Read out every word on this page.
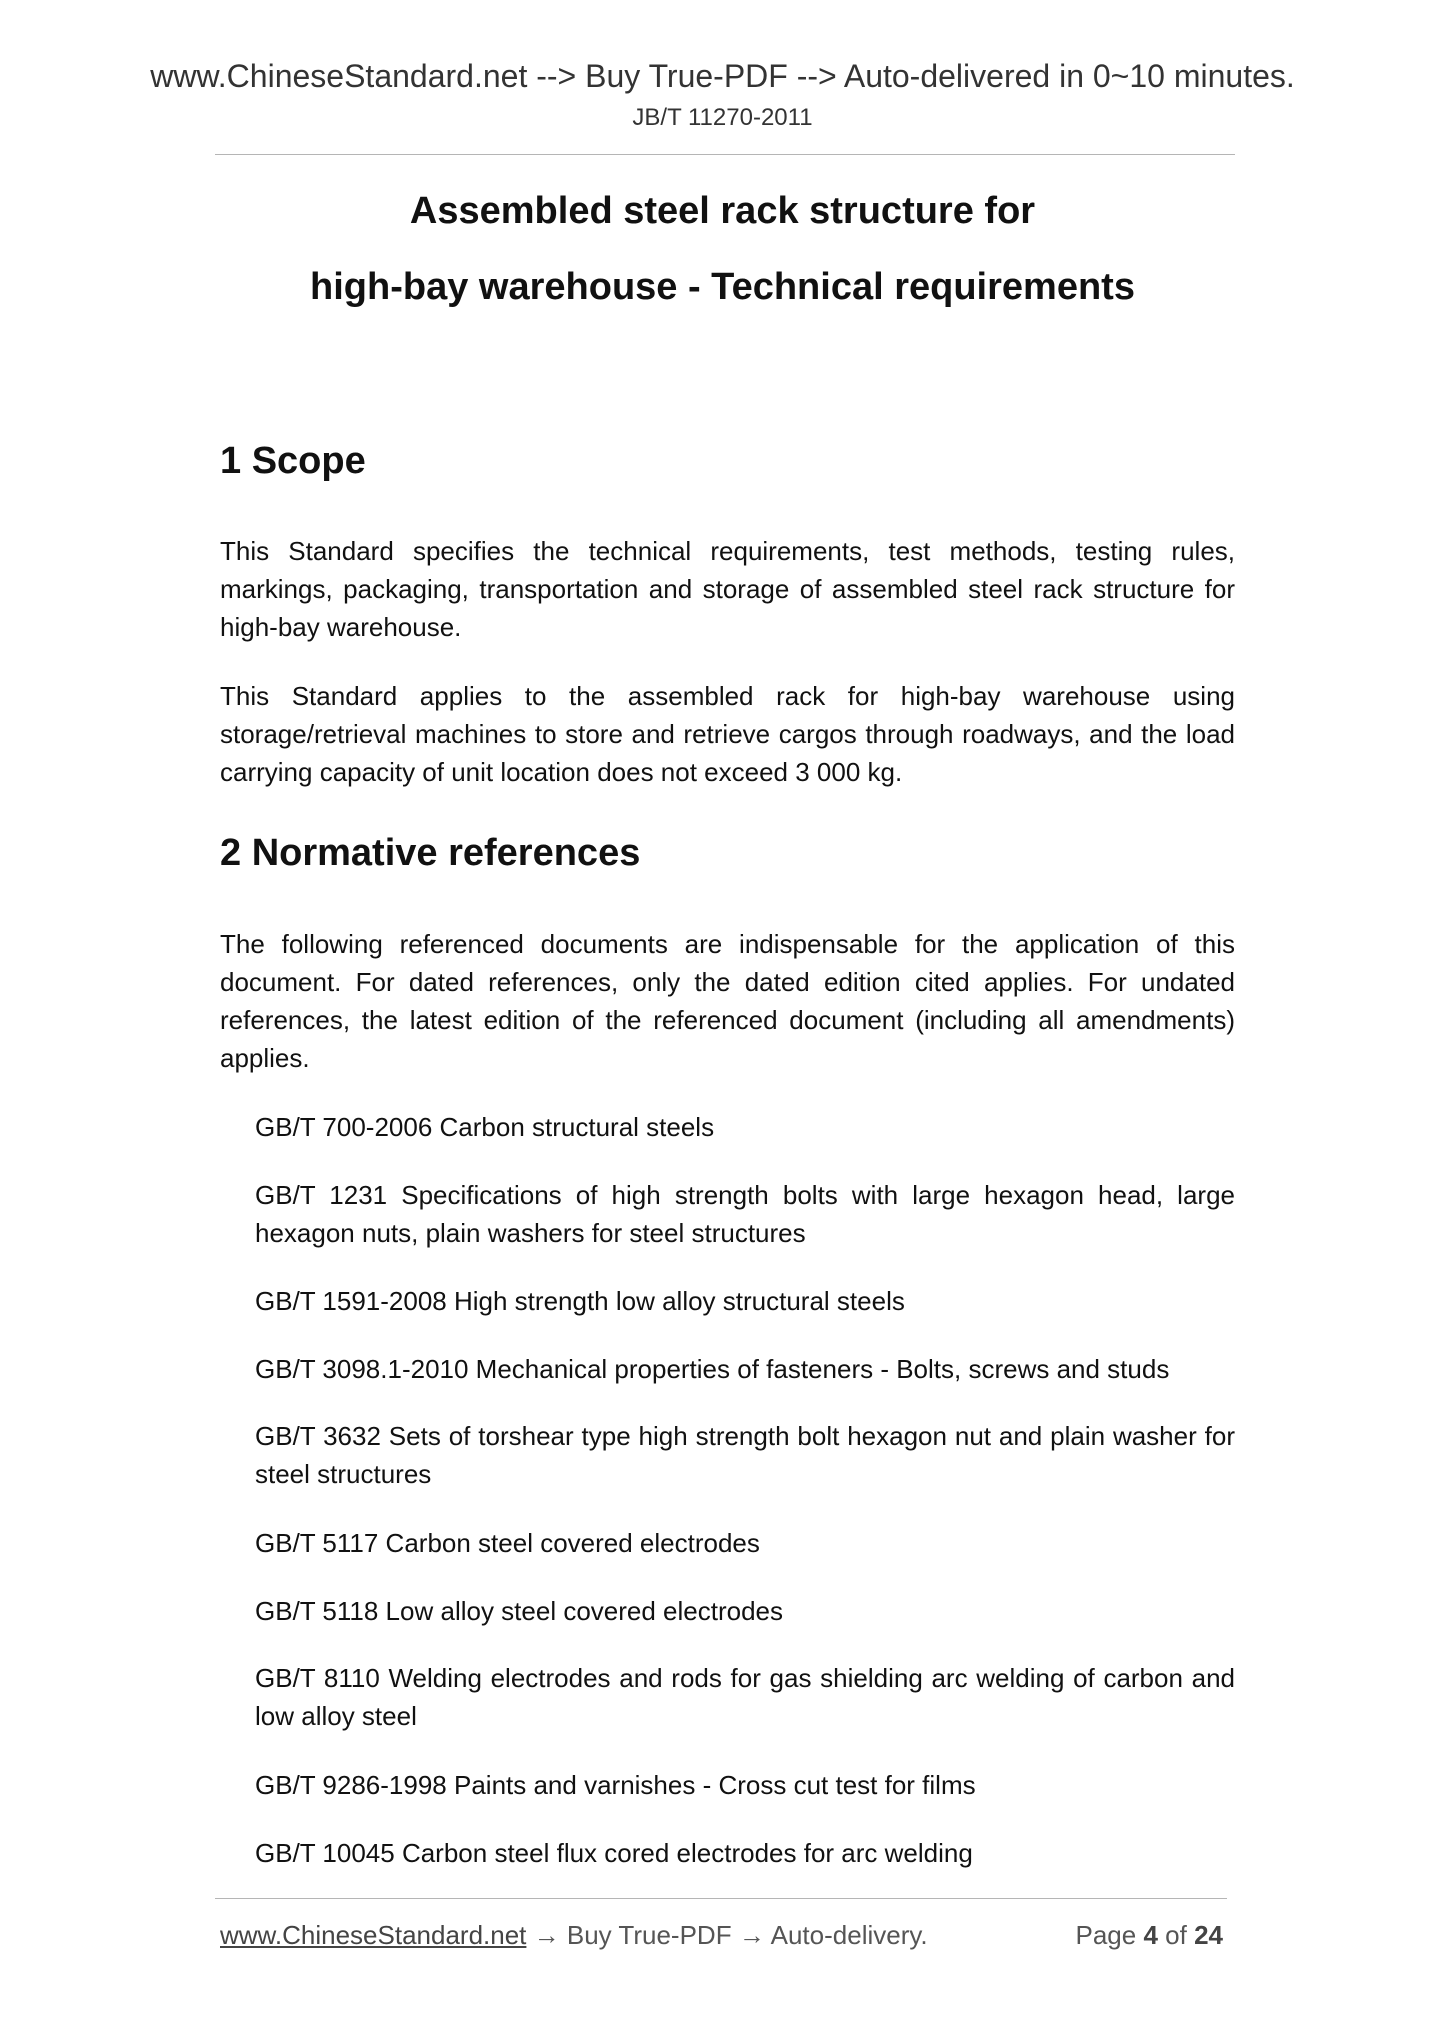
www.ChineseStandard.net --> Buy True-PDF --> Auto-delivered in 0~10 minutes.
JB/T 11270-2011
Assembled steel rack structure for
high-bay warehouse - Technical requirements
1 Scope
This Standard specifies the technical requirements, test methods, testing rules, markings, packaging, transportation and storage of assembled steel rack structure for high-bay warehouse.
This Standard applies to the assembled rack for high-bay warehouse using storage/retrieval machines to store and retrieve cargos through roadways, and the load carrying capacity of unit location does not exceed 3 000 kg.
2 Normative references
The following referenced documents are indispensable for the application of this document. For dated references, only the dated edition cited applies. For undated references, the latest edition of the referenced document (including all amendments) applies.
GB/T 700-2006 Carbon structural steels
GB/T 1231 Specifications of high strength bolts with large hexagon head, large hexagon nuts, plain washers for steel structures
GB/T 1591-2008 High strength low alloy structural steels
GB/T 3098.1-2010 Mechanical properties of fasteners - Bolts, screws and studs
GB/T 3632 Sets of torshear type high strength bolt hexagon nut and plain washer for steel structures
GB/T 5117 Carbon steel covered electrodes
GB/T 5118 Low alloy steel covered electrodes
GB/T 8110 Welding electrodes and rods for gas shielding arc welding of carbon and low alloy steel
GB/T 9286-1998 Paints and varnishes - Cross cut test for films
GB/T 10045 Carbon steel flux cored electrodes for arc welding
www.ChineseStandard.net → Buy True-PDF → Auto-delivery.	Page 4 of 24
